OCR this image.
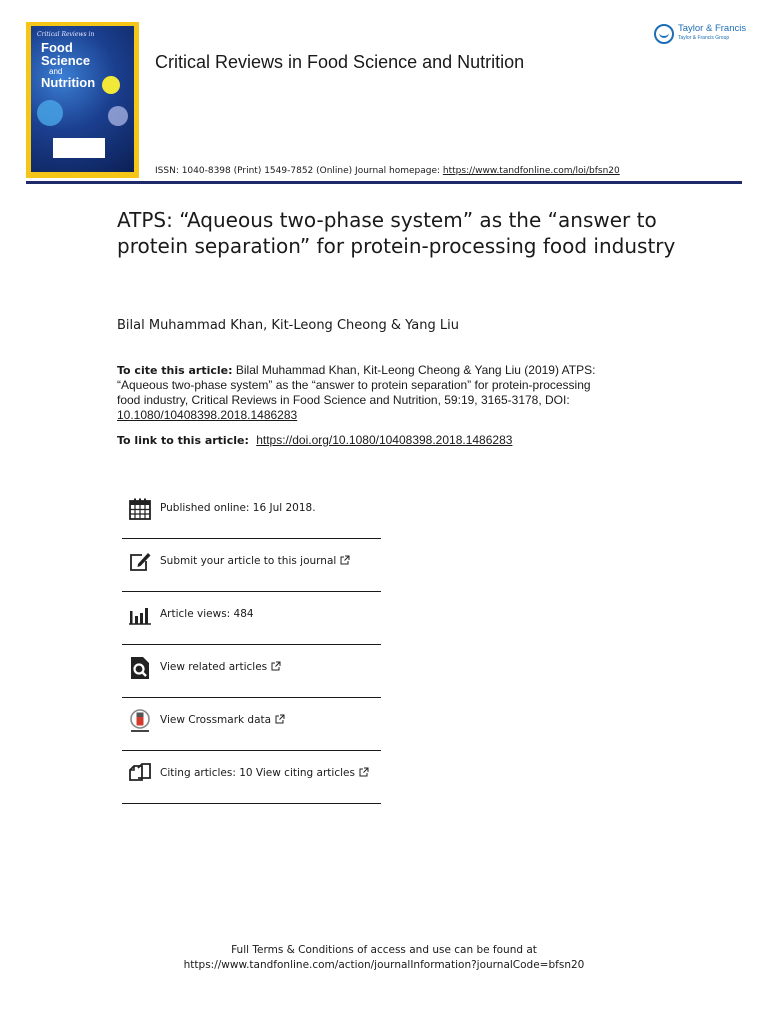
Critical Reviews in
Food
Science
and
Nutrition
Critical Reviews in Food Science and Nutrition
Taylor & Francis
Taylor & Francis Group
ISSN: 1040-8398 (Print) 1549-7852 (Online) Journal homepage: https://www.tandfonline.com/loi/bfsn20
ATPS: “Aqueous two-phase system” as the “answer to protein separation” for protein-processing food industry
Bilal Muhammad Khan, Kit-Leong Cheong & Yang Liu
To cite this article: Bilal Muhammad Khan, Kit-Leong Cheong & Yang Liu (2019) ATPS: “Aqueous two-phase system” as the “answer to protein separation” for protein-processing food industry, Critical Reviews in Food Science and Nutrition, 59:19, 3165-3178, DOI: 10.1080/10408398.2018.1486283
To link to this article: https://doi.org/10.1080/10408398.2018.1486283
Published online: 16 Jul 2018.
Submit your article to this journal
Article views: 484
View related articles
View Crossmark data
Citing articles: 10 View citing articles
Full Terms & Conditions of access and use can be found at
https://www.tandfonline.com/action/journalInformation?journalCode=bfsn20
